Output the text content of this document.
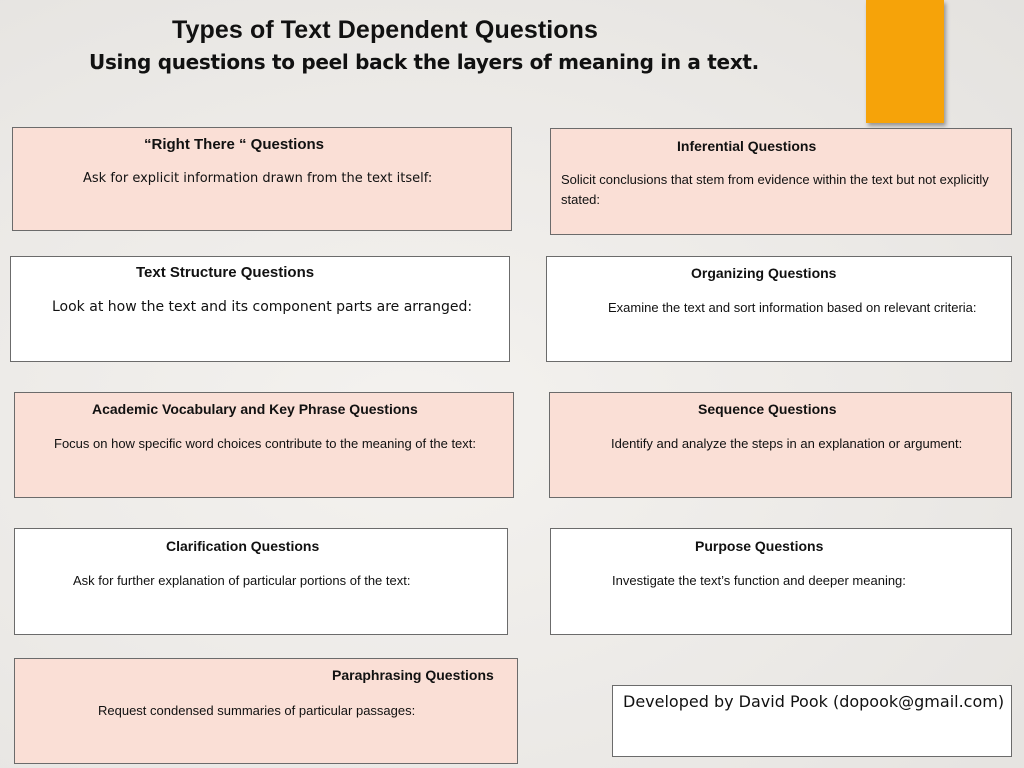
Types of Text Dependent Questions
Using questions to peel back the layers of meaning in a text.
“Right There “ Questions
Ask for explicit information drawn from the text itself:
Inferential Questions
Solicit conclusions that stem from evidence within the text but not explicitly stated:
Text Structure Questions
Look at how the text and its component parts are arranged:
Organizing Questions
Examine the text and sort information based on relevant criteria:
Academic Vocabulary and Key Phrase Questions
Focus on how specific word choices contribute to the meaning of the text:
Sequence Questions
Identify and analyze the steps in an explanation or argument:
Clarification Questions
Ask for further explanation of particular portions of the text:
Purpose Questions
Investigate the text’s function and deeper meaning:
Paraphrasing Questions
Request condensed summaries of particular passages:	Developed by David Pook (dopook@gmail.com)
